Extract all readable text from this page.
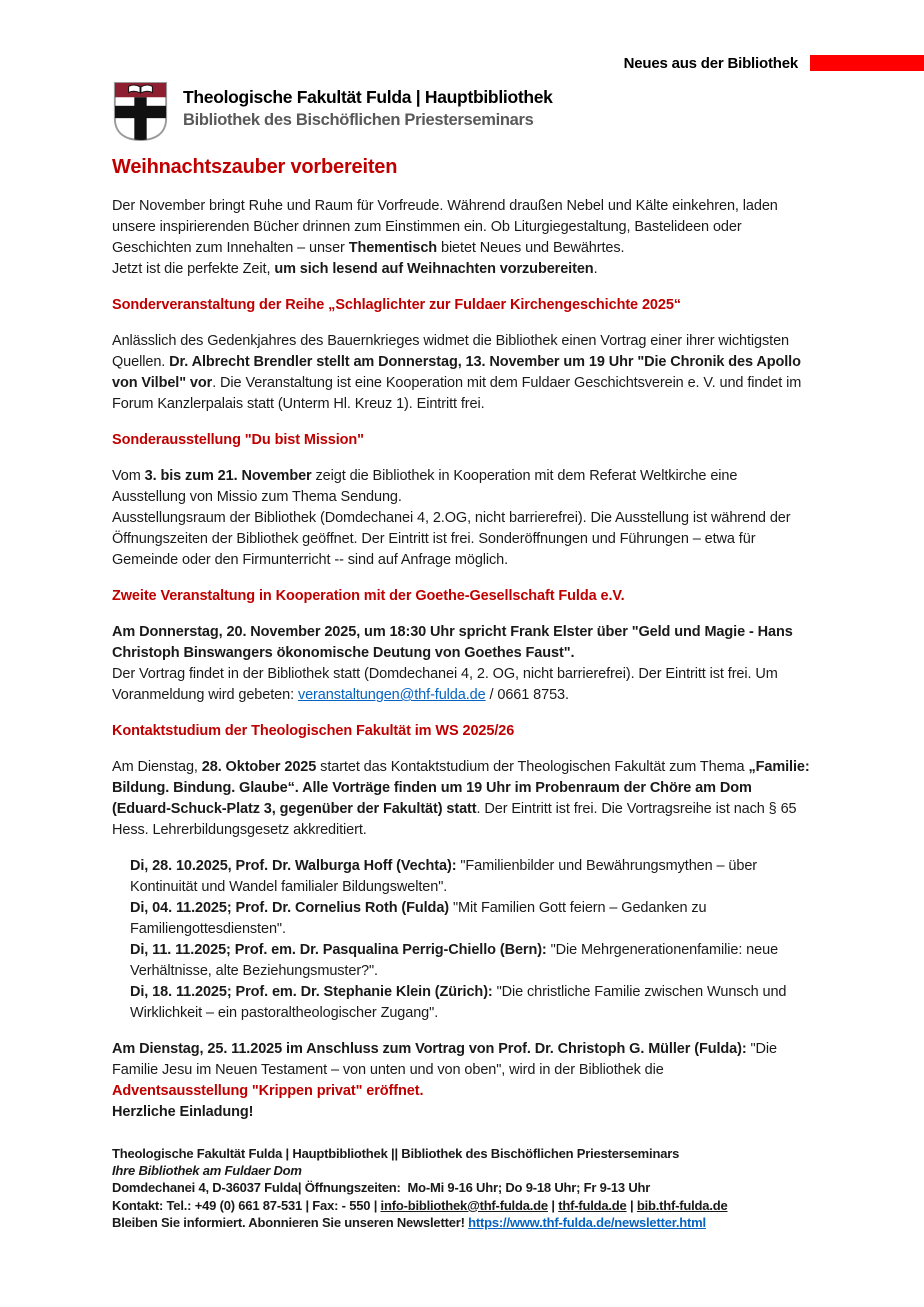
Neues aus der Bibliothek
Theologische Fakultät Fulda | Hauptbibliothek
Bibliothek des Bischöflichen Priesterseminars
Weihnachtszauber vorbereiten

Der November bringt Ruhe und Raum für Vorfreude. Während draußen Nebel und Kälte einkehren, laden unsere inspirierenden Bücher drinnen zum Einstimmen ein. Ob Liturgiegestaltung, Bastelideen oder Geschichten zum Innehalten – unser Thementisch bietet Neues und Bewährtes.
Jetzt ist die perfekte Zeit, um sich lesend auf Weihnachten vorzubereiten.

Sonderveranstaltung der Reihe „Schlaglichter zur Fuldaer Kirchengeschichte 2025“

Anlässlich des Gedenkjahres des Bauernkrieges widmet die Bibliothek einen Vortrag einer ihrer wichtigsten Quellen. Dr. Albrecht Brendler stellt am Donnerstag, 13. November um 19 Uhr "Die Chronik des Apollo von Vilbel" vor. Die Veranstaltung ist eine Kooperation mit dem Fuldaer Geschichtsverein e. V. und findet im Forum Kanzlerpalais statt (Unterm Hl. Kreuz 1). Eintritt frei.

Sonderausstellung "Du bist Mission"

Vom 3. bis zum 21. November zeigt die Bibliothek in Kooperation mit dem Referat Weltkirche eine Ausstellung von Missio zum Thema Sendung.
Ausstellungsraum der Bibliothek (Domdechanei 4, 2.OG, nicht barrierefrei). Die Ausstellung ist während der Öffnungszeiten der Bibliothek geöffnet. Der Eintritt ist frei. Sonderöffnungen und Führungen – etwa für Gemeinde oder den Firmunterricht -- sind auf Anfrage möglich.

Zweite Veranstaltung in Kooperation mit der Goethe-Gesellschaft Fulda e.V.

Am Donnerstag, 20. November 2025, um 18:30 Uhr spricht Frank Elster über "Geld und Magie - Hans Christoph Binswangers ökonomische Deutung von Goethes Faust".
Der Vortrag findet in der Bibliothek statt (Domdechanei 4, 2. OG, nicht barrierefrei). Der Eintritt ist frei. Um Voranmeldung wird gebeten: veranstaltungen@thf-fulda.de / 0661 8753.

Kontaktstudium der Theologischen Fakultät im WS 2025/26

Am Dienstag, 28. Oktober 2025 startet das Kontaktstudium der Theologischen Fakultät zum Thema „Familie: Bildung. Bindung. Glaube“. Alle Vorträge finden um 19 Uhr im Probenraum der Chöre am Dom (Eduard-Schuck-Platz 3, gegenüber der Fakultät) statt. Der Eintritt ist frei. Die Vortragsreihe ist nach § 65 Hess. Lehrerbildungsgesetz akkreditiert.

Di, 28. 10.2025, Prof. Dr. Walburga Hoff (Vechta): "Familienbilder und Bewährungsmythen – über Kontinuität und Wandel familialer Bildungswelten".
Di, 04. 11.2025; Prof. Dr. Cornelius Roth (Fulda) "Mit Familien Gott feiern – Gedanken zu Familiengottesdiensten".
Di, 11. 11.2025; Prof. em. Dr. Pasqualina Perrig-Chiello (Bern): "Die Mehrgenerationenfamilie: neue Verhältnisse, alte Beziehungsmuster?".
Di, 18. 11.2025; Prof. em. Dr. Stephanie Klein (Zürich): "Die christliche Familie zwischen Wunsch und Wirklichkeit – ein pastoraltheologischer Zugang".

Am Dienstag, 25. 11.2025 im Anschluss zum Vortrag von Prof. Dr. Christoph G. Müller (Fulda): "Die Familie Jesu im Neuen Testament – von unten und von oben", wird in der Bibliothek die
Adventsausstellung "Krippen privat" eröffnet.
Herzliche Einladung!

Theologische Fakultät Fulda | Hauptbibliothek || Bibliothek des Bischöflichen Priesterseminars
Ihre Bibliothek am Fuldaer Dom
Domdechanei 4, D-36037 Fulda| Öffnungszeiten:  Mo-Mi 9-16 Uhr; Do 9-18 Uhr; Fr 9-13 Uhr
Kontakt: Tel.: +49 (0) 661 87-531 | Fax: - 550 | info-bibliothek@thf-fulda.de | thf-fulda.de | bib.thf-fulda.de
Bleiben Sie informiert. Abonnieren Sie unseren Newsletter! https://www.thf-fulda.de/newsletter.html
